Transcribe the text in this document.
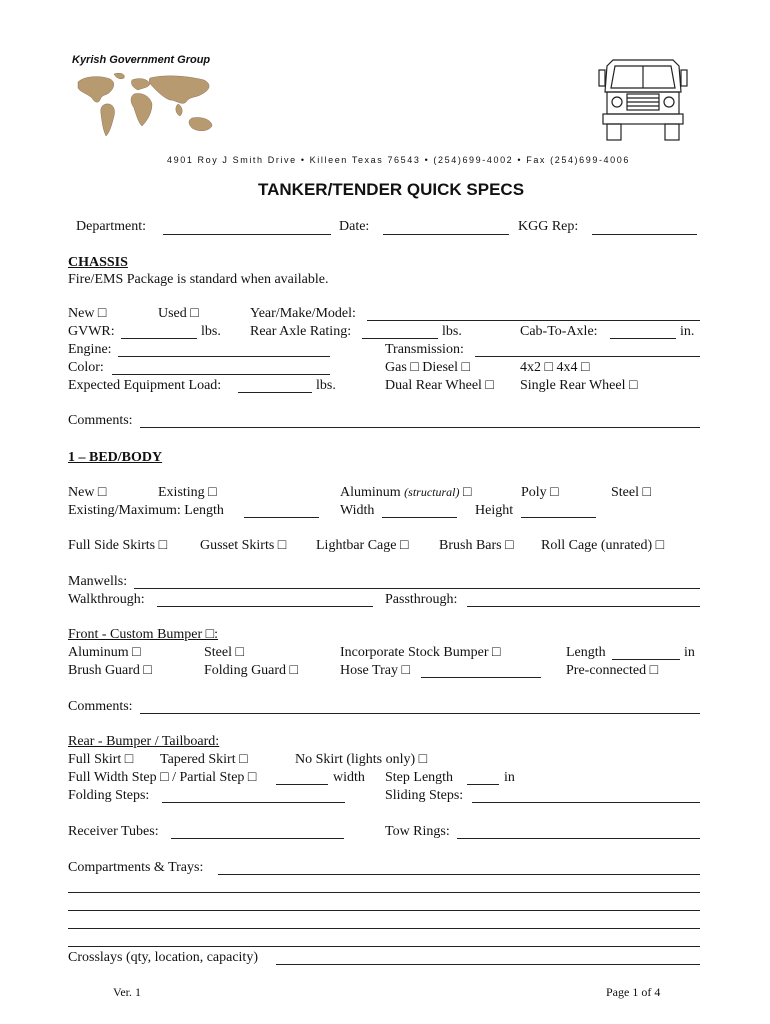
Kyrish Government Group
4901 Roy J Smith Drive • Killeen Texas 76543 • (254)699-4002 • Fax (254)699-4006
TANKER/TENDER QUICK SPECS
Department:	Date:	KGG Rep:
CHASSIS
Fire/EMS Package is standard when available.
New □	Used □	Year/Make/Model:
GVWR:	lbs. Rear Axle Rating:	lbs.	Cab-To-Axle:	in.
Engine:	Transmission:
Color:	Gas □ Diesel □	4x2 □ 4x4 □
Expected Equipment Load:	lbs.	Dual Rear Wheel □ Single Rear Wheel □
Comments:
1 – BED/BODY
New □	Existing □	Aluminum (structural) □	Poly □	Steel □
Existing/Maximum: Length	Width	Height
Full Side Skirts □ Gusset Skirts □ Lightbar Cage □ Brush Bars □ Roll Cage (unrated) □
Manwells:
Walkthrough:	Passthrough:
Front - Custom Bumper □:
Aluminum □	Steel □	Incorporate Stock Bumper □	Length	in
Brush Guard □	Folding Guard □	Hose Tray □	Pre-connected □
Comments:
Rear - Bumper / Tailboard:
Full Skirt □ Tapered Skirt □	No Skirt (lights only) □
Full Width Step □ / Partial Step □	width Step Length	in
Folding Steps:	Sliding Steps:
Receiver Tubes:	Tow Rings:
Compartments & Trays:
Crosslays (qty, location, capacity)
Ver. 1	Page 1 of 4
